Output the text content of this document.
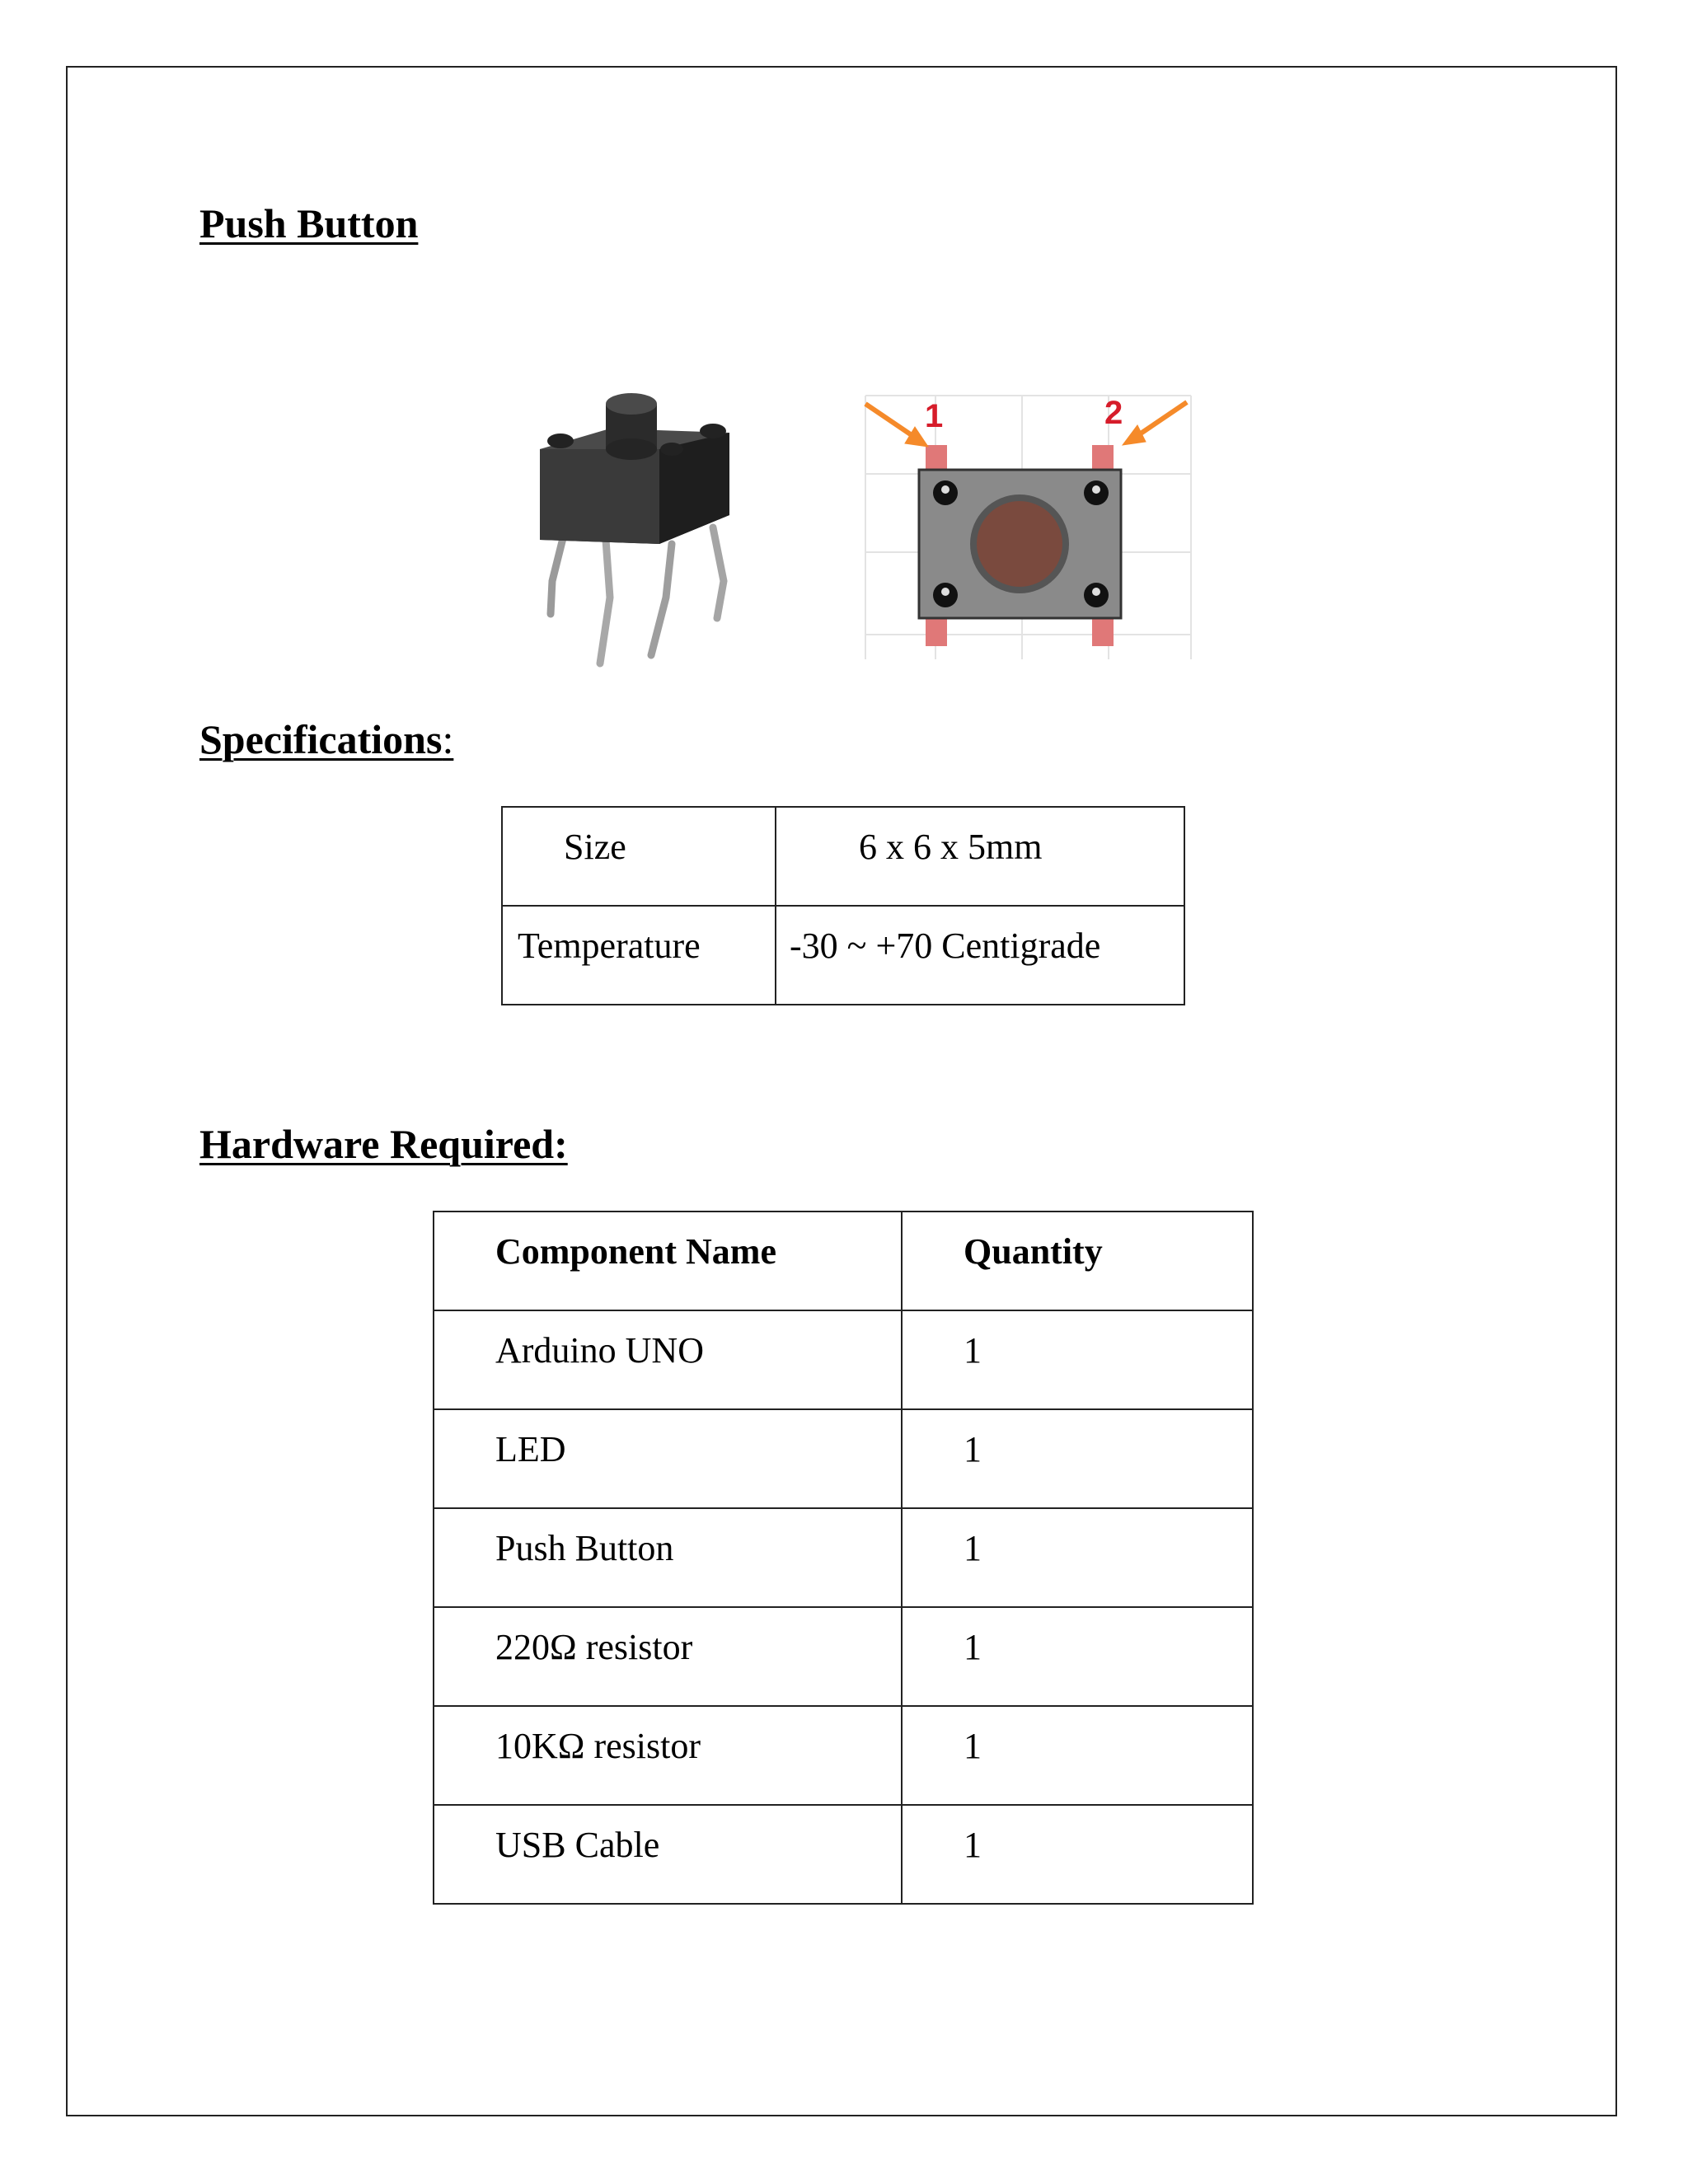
Push Button
1	2
Specifications:
Size	6 x 6 x 5mm

Temperature	-30 ~ +70 Centigrade
Hardware Required:
Component Name	Quantity

Arduino UNO	1

LED	1

Push Button	1

220Ω resistor	1

10KΩ resistor	1

USB Cable	1
